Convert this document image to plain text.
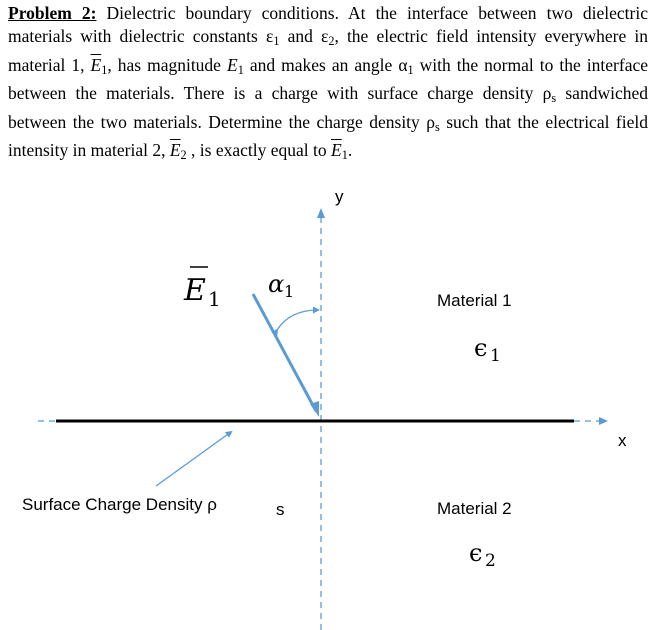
Problem 2: Dielectric boundary conditions. At the interface between two dielectric materials with dielectric constants $\varepsilon_1$ and $\varepsilon_2$, the electric field intensity everywhere in material 1, $\overline{E}_1$, has magnitude $E_1$ and makes an angle $\alpha_1$ with the normal to the interface between the materials. There is a charge with surface charge density $\rho_s$ sandwiched between the two materials. Determine the charge density $\rho_s$ such that the electrical field intensity in material 2, $\overline{E}_2$ , is exactly equal to $\overline{E}_1$.
y
x
E 1
α 1	Material 1
ϵ 1
Material 2
ϵ 2
Surface Charge Density ρ	s
